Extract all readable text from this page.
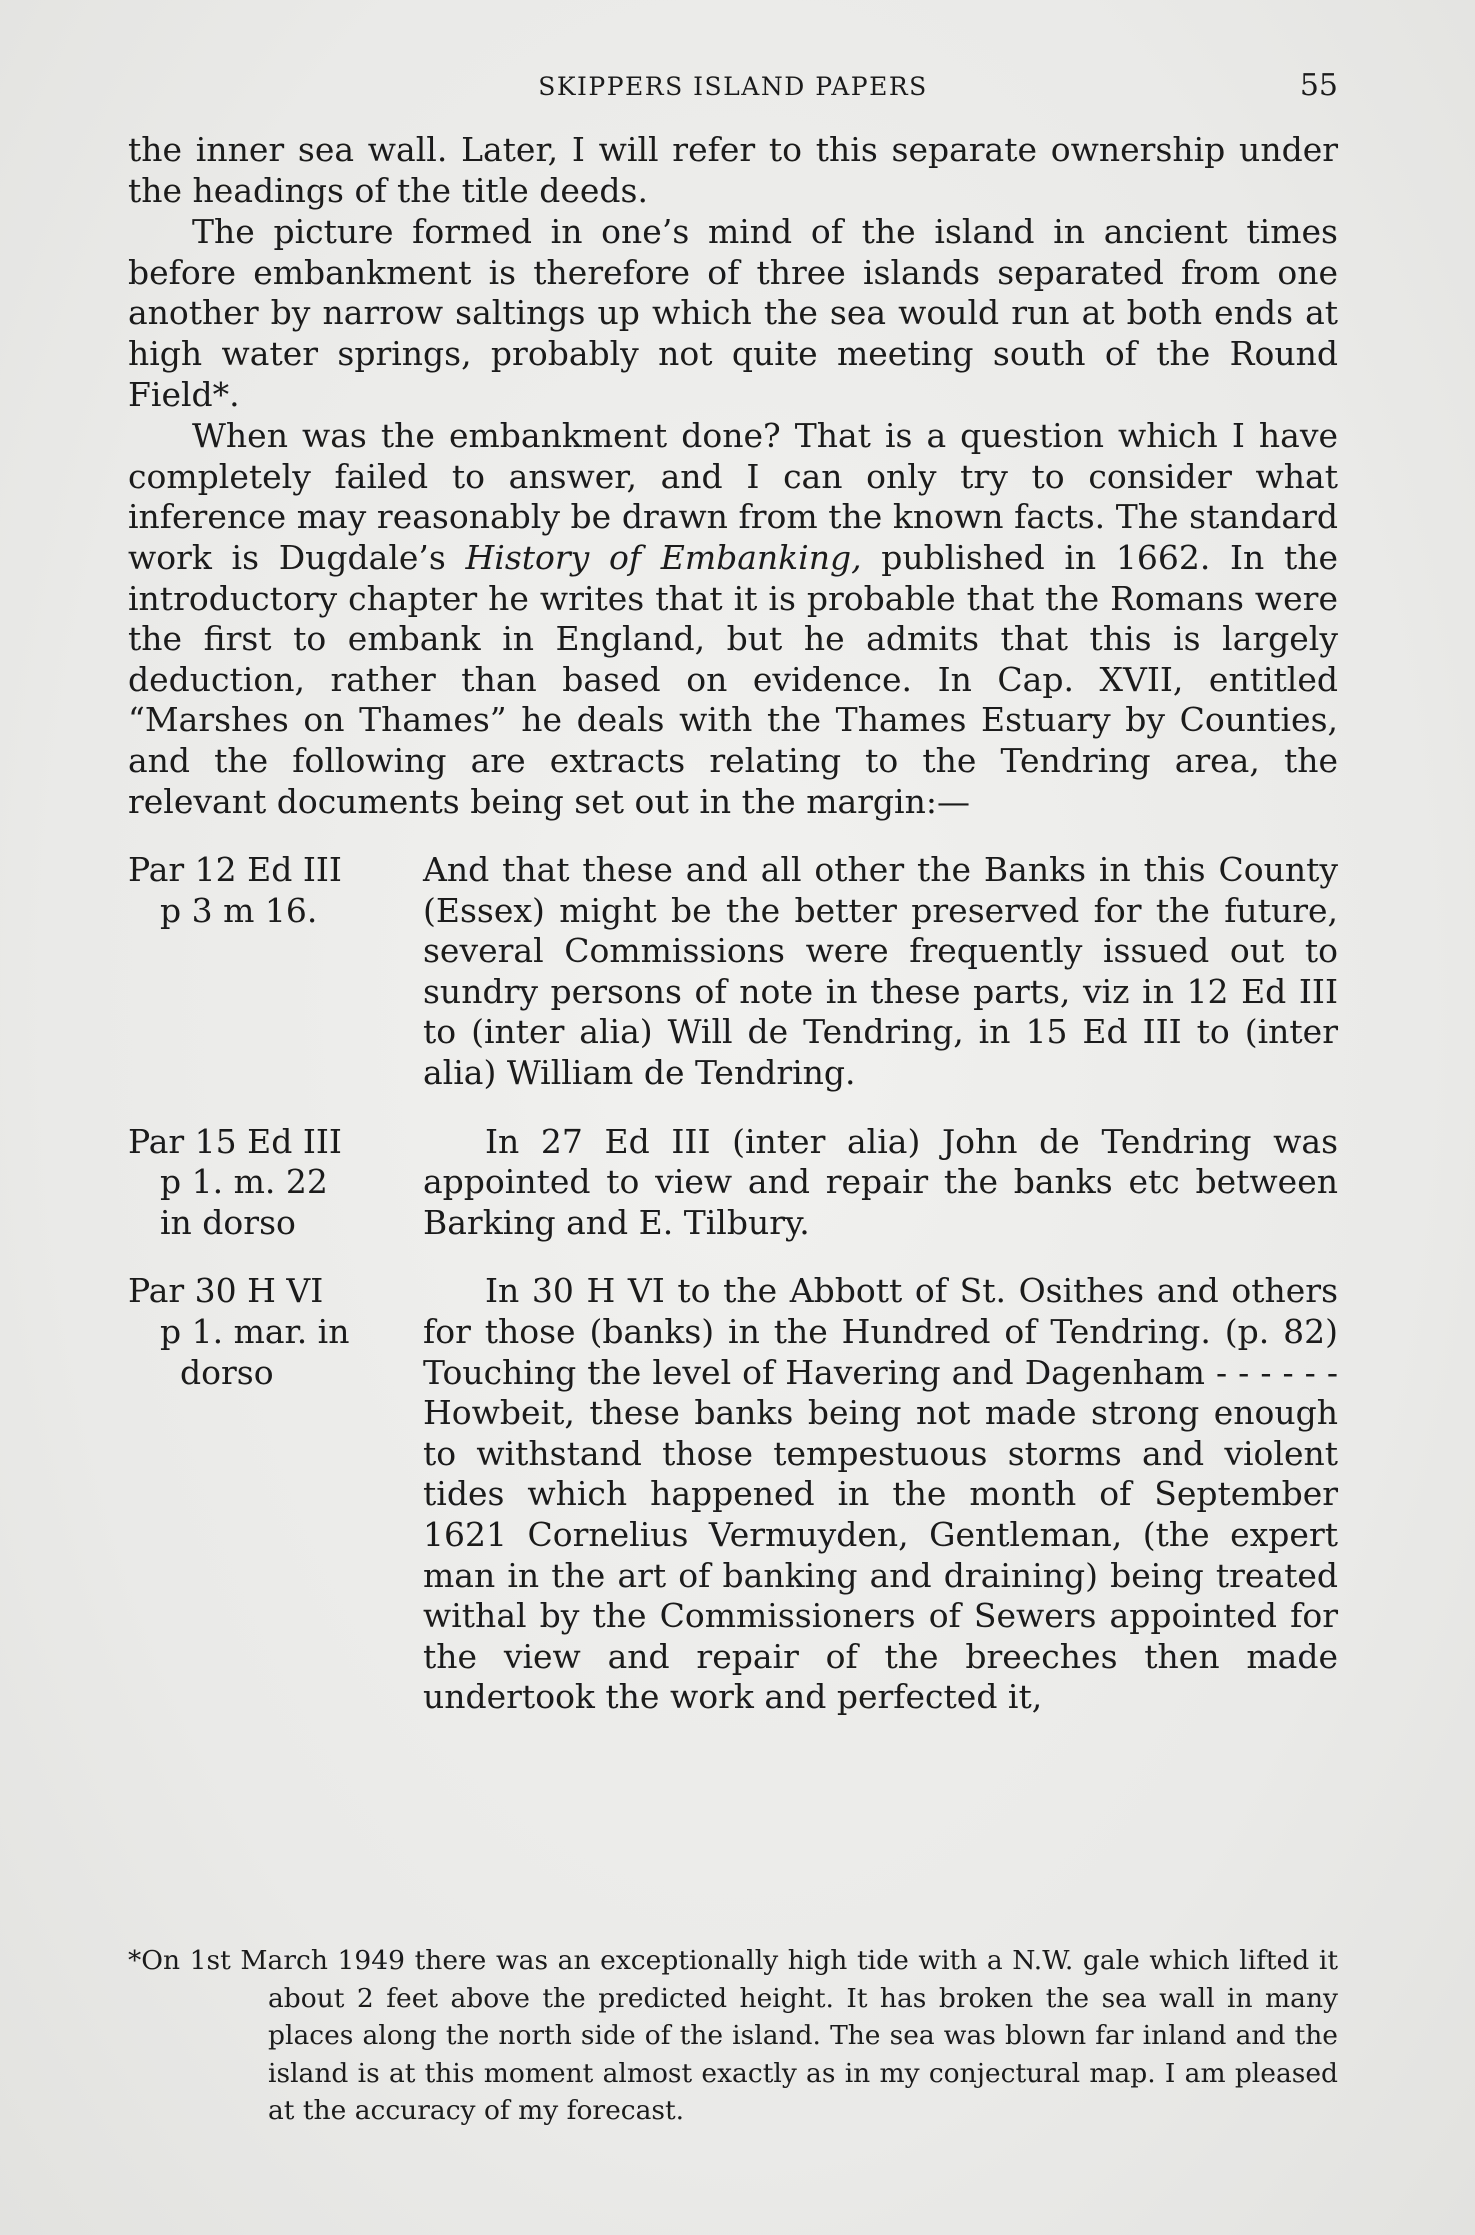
SKIPPERS ISLAND PAPERS	55

the inner sea wall. Later, I will refer to this separate ownership under the headings of the title deeds.

The picture formed in one’s mind of the island in ancient times before embankment is therefore of three islands separated from one another by narrow saltings up which the sea would run at both ends at high water springs, probably not quite meeting south of the Round Field*.

When was the embankment done? That is a question which I have completely failed to answer, and I can only try to consider what inference may reasonably be drawn from the known facts. The standard work is Dugdale’s History of Embanking, published in 1662. In the introductory chapter he writes that it is probable that the Romans were the first to embank in England, but he admits that this is largely deduction, rather than based on evidence. In Cap. XVII, entitled “Marshes on Thames” he deals with the Thames Estuary by Counties, and the following are extracts relating to the Tendring area, the relevant documents being set out in the margin:—

Par 12 Ed III
p 3 m 16.
And that these and all other the Banks in this County (Essex) might be the better preserved for the future, several Commissions were frequently issued out to sundry persons of note in these parts, viz in 12 Ed III to (inter alia) Will de Tendring, in 15 Ed III to (inter alia) William de Tendring.
Par 15 Ed III
p 1. m. 22
in dorso
In 27 Ed III (inter alia) John de Tendring was appointed to view and repair the banks etc between Barking and E. Tilbury.
Par 30 H VI
p 1. mar. in
dorso
In 30 H VI to the Abbott of St. Osithes and others for those (banks) in the Hundred of Tendring. (p. 82) Touching the level of Havering and Dagenham - - - - - - Howbeit, these banks being not made strong enough to withstand those tempestuous storms and violent tides which happened in the month of September 1621 Cornelius Vermuyden, Gentleman, (the expert man in the art of banking and draining) being treated withal by the Commissioners of Sewers appointed for the view and repair of the breeches then made undertook the work and perfected it,
*On 1st March 1949 there was an exceptionally high tide with a N.W. gale which lifted it about 2 feet above the predicted height. It has broken the sea wall in many places along the north side of the island. The sea was blown far inland and the island is at this moment almost exactly as in my conjectural map. I am pleased at the accuracy of my forecast.
